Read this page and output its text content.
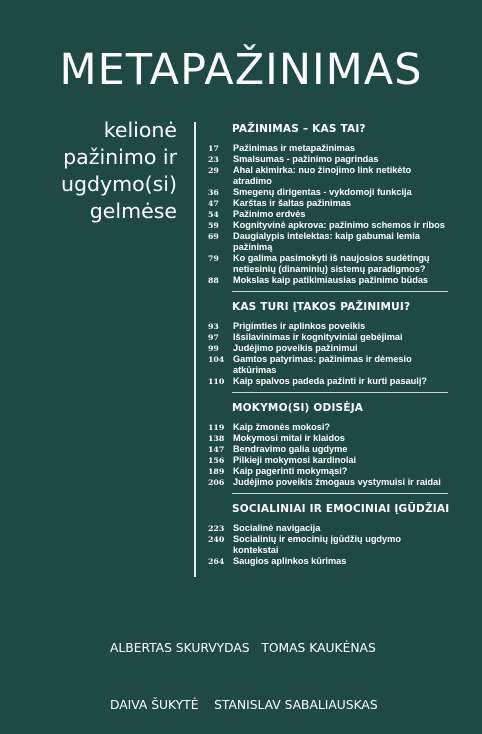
METAPAŽINIMAS
kelionė
pažinimo ir
ugdymo(si)
gelmėse
PAŽINIMAS – KAS TAI?
17	Pažinimas ir metapažinimas
23	Smalsumas - pažinimo pagrindas
29	Ahal akimirka: nuo žinojimo link netikėto atradimo
36	Smegenų dirigentas - vykdomoji funkcija
47	Karštas ir šaltas pažinimas
54	Pažinimo erdvės
59	Kognityvinė apkrova: pažinimo schemos ir ribos
69	Daugialypis intelektas: kaip gabumai lemia pažinimą
79	Ko galima pasimokyti iš naujosios sudėtingų netiesinių (dinaminių) sistemų paradigmos?
88	Mokslas kaip patikimiausias pažinimo būdas
KAS TURI ĮTAKOS PAŽINIMUI?
93	Prigimties ir aplinkos poveikis
97	Išsilavinimas ir kognityviniai gebėjimai
99	Judėjimo poveikis pažinimui
104 Gamtos patyrimas: pažinimas ir dėmesio atkūrimas
110 Kaip spalvos padeda pažinti ir kurti pasaulį?
MOKYMO(SI) ODISĖJA
119 Kaip žmonės mokosi?
138 Mokymosi mitai ir klaidos
147 Bendravimo galia ugdyme
156 Pilkieji mokymosi kardinolai
189 Kaip pagerinti mokymąsi?
206 Judėjimo poveikis žmogaus vystymuisi ir raidai
SOCIALINIAI IR EMOCINIAI ĮGŪDŽIAI
223 Socialinė navigacija
240 Socialinių ir emocinių įgūdžių ugdymo kontekstai
264 Saugios aplinkos kūrimas

ALBERTAS SKURVYDAS   TOMAS KAUKĖNAS

DAIVA ŠUKYTĖ    STANISLAV SABALIAUSKAS
